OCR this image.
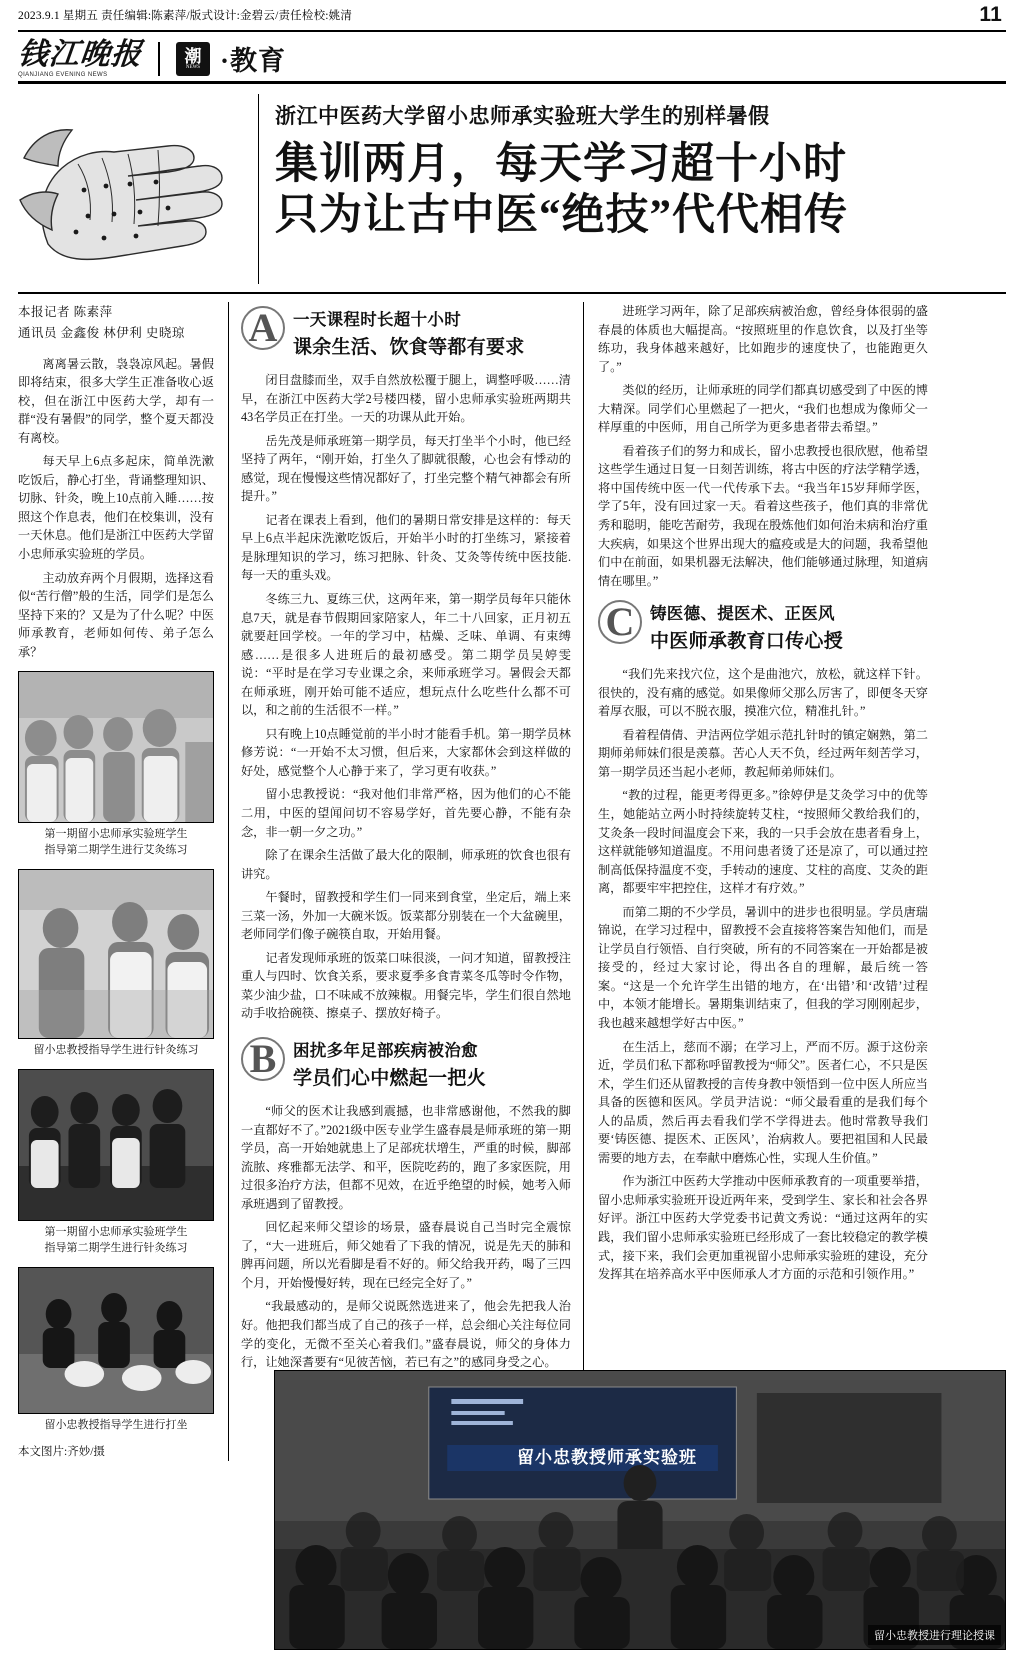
2023.9.1 星期五 责任编辑:陈素萍/版式设计:金碧云/责任检校:姚清	11
钱江晚报
QIANJIANG EVENING NEWS
潮
NEWS ·教育
浙江中医药大学留小忠师承实验班大学生的别样暑假
集训两月，每天学习超十小时
只为让古中医“绝技”代代相传
本报记者 陈素萍
通讯员 金鑫俊 林伊利 史晓琼

离离暑云散，袅袅凉风起。暑假即将结束，很多大学生正准备收心返校，但在浙江中医药大学，却有一群“没有暑假”的同学，整个夏天都没有离校。

每天早上6点多起床，简单洗漱吃饭后，静心打坐，背诵整理知识、切脉、针灸，晚上10点前入睡……按照这个作息表，他们在校集训，没有一天休息。他们是浙江中医药大学留小忠师承实验班的学员。

主动放弃两个月假期，选择这看似“苦行僧”般的生活，同学们是怎么坚持下来的？又是为了什么呢？中医师承教育，老师如何传、弟子怎么承？

第一期留小忠师承实验班学生
指导第二期学生进行艾灸练习
留小忠教授指导学生进行针灸练习
第一期留小忠师承实验班学生
指导第二期学生进行针灸练习
留小忠教授指导学生进行打坐
本文图片:齐妙/摄
A 一天课程时长超十小时
课余生活、饮食等都有要求

闭目盘膝而坐，双手自然放松覆于腿上，调整呼吸……清早，在浙江中医药大学2号楼四楼，留小忠师承实验班两期共43名学员正在打坐。一天的功课从此开始。

岳先茂是师承班第一期学员，每天打坐半个小时，他已经坚持了两年，“刚开始，打坐久了脚就很酸，心也会有悸动的感觉，现在慢慢这些情况都好了，打坐完整个精气神都会有所提升。”

记者在课表上看到，他们的暑期日常安排是这样的：每天早上6点半起床洗漱吃饭后，开始半小时的打坐练习，紧接着是脉理知识的学习，练习把脉、针灸、艾灸等传统中医技能.每一天的重头戏。

冬练三九、夏练三伏，这两年来，第一期学员每年只能休息7天，就是春节假期回家陪家人，年二十八回家，正月初五就要赶回学校。一年的学习中，枯燥、乏味、单调、有束缚感……是很多人进班后的最初感受。第二期学员吴婷雯说：“平时是在学习专业课之余，来师承班学习。暑假会天都在师承班，刚开始可能不适应，想玩点什么吃些什么都不可以，和之前的生活很不一样。”

只有晚上10点睡觉前的半小时才能看手机。第一期学员林修芳说：“一开始不太习惯，但后来，大家都休会到这样做的好处，感觉整个人心静于来了，学习更有收获。”

留小忠教授说：“我对他们非常严格，因为他们的心不能二用，中医的望闻问切不容易学好，首先要心静，不能有杂念，非一朝一夕之功。”

除了在课余生活做了最大化的限制，师承班的饮食也很有讲究。

午餐时，留教授和学生们一同来到食堂，坐定后，端上来三菜一汤，外加一大碗米饭。饭菜都分别装在一个大盆碗里，老师同学们像子碗筷自取，开始用餐。

记者发现师承班的饭菜口味很淡，一问才知道，留教授注重人与四时、饮食关系，要求夏季多食青菜冬瓜等时令作物，菜少油少盐，口不味咸不放辣椒。用餐完毕，学生们很自然地动手收拾碗筷、擦桌子、摆放好椅子。

B	困扰多年足部疾病被治愈
学员们心中燃起一把火

“师父的医术让我感到震撼，也非常感谢他，不然我的脚一直都好不了。”2021级中医专业学生盛春晨是师承班的第一期学员，高一开始她就患上了足部疣状增生，严重的时候，脚部流脓、疼雅都无法学、和平，医院吃药的，跑了多家医院，用过很多治疗方法，但都不见效，在近乎绝望的时候，她考入师承班遇到了留教授。

回忆起来师父望诊的场景，盛春晨说自己当时完全震惊了，“大一进班后，师父她看了下我的情况，说是先天的肺和脾再问题，所以光看脚是看不好的。师父给我开药，喝了三四个月，开始慢慢好转，现在已经完全好了。”

“我最感动的，是师父说既然选进来了，他会先把我人治好。他把我们都当成了自己的孩子一样，总会细心关注每位同学的变化，无微不至关心着我们。”盛春晨说，师父的身体力行，让她深耆要有“见彼苦恼，若已有之”的感同身受之心。

进班学习两年，除了足部疾病被治愈，曾经身体很弱的盛春晨的体质也大幅提高。“按照班里的作息饮食，以及打坐等练功，我身体越来越好，比如跑步的速度快了，也能跑更久了。”

类似的经历，让师承班的同学们都真切感受到了中医的博大精深。同学们心里燃起了一把火，“我们也想成为像师父一样厚重的中医师，用自己所学为更多患者带去希望。”

看着孩子们的努力和成长，留小忠教授也很欣慰，他希望这些学生通过日复一日刻苦训练，将古中医的疗法学精学透，将中国传统中医一代一代传承下去。“我当年15岁拜师学医，学了5年，没有回过家一天。看着这些孩子，他们真的非常优秀和聪明，能吃苦耐劳，我现在殷炼他们如何治未病和治疗重大疾病，如果这个世界出现大的瘟疫或是大的问题，我希望他们中在前面，如果机器无法解决，他们能够通过脉理，知道病情在哪里。”

C 铸医德、提医术、正医风
中医师承教育口传心授

“我们先来找穴位，这个是曲池穴，放松，就这样下针。很快的，没有痛的感觉。如果像师父那么厉害了，即便冬天穿着厚衣服，可以不脱衣服，摸准穴位，精准扎针。”

看着程倩倩、尹洁两位学姐示范扎针时的镇定娴熟，第二期师弟师妹们很是羡慕。苦心人天不负，经过两年刻苦学习，第一期学员还当起小老师，教起师弟师妹们。

“教的过程，能更考得更多。”徐婷伊是艾灸学习中的优等生，她能站立两小时持续旋转艾柱，“按照师父教给我们的，艾灸条一段时间温度会下来，我的一只手会放在患者看身上，这样就能够知道温度。不用问患者烫了还是凉了，可以通过控制高低保持温度不变，手转动的速度、艾柱的高度、艾灸的距离，都要牢牢把控住，这样才有疗效。”

而第二期的不少学员，暑训中的进步也很明显。学员唐瑞锦说，在学习过程中，留教授不会直接将答案告知他们，而是让学员自行领悟、自行突破，所有的不同答案在一开始都是被接受的，经过大家讨论，得出各自的理解，最后统一答案。“这是一个允许学生出错的地方，在‘出错’和‘改错’过程中，本领才能增长。暑期集训结束了，但我的学习刚刚起步，我也越来越想学好古中医。”

在生活上，慈而不溺；在学习上，严而不厉。源于这份亲近，学员们私下都称呼留教授为“师父”。医者仁心，不只是医术，学生们还从留教授的言传身教中领悟到一位中医人所应当具备的医德和医风。学员尹洁说：“师父最看重的是我们每个人的品质，然后再去看我们学不学得进去。他时常教导我们要‘铸医德、提医术、正医风’，治病救人。要把祖国和人民最需要的地方去，在奉献中磨炼心性，实现人生价值。”

作为浙江中医药大学推动中医师承教育的一项重要举措，留小忠师承实验班开设近两年来，受到学生、家长和社会各界好评。浙江中医药大学党委书记黄文秀说：“通过这两年的实践，我们留小忠师承实验班已经形成了一套比较稳定的教学模式，接下来，我们会更加重视留小忠师承实验班的建设，充分发挥其在培养高水平中医师承人才方面的示范和引领作用。”

留小忠教授师承实验班
留小忠教授进行理论授课
